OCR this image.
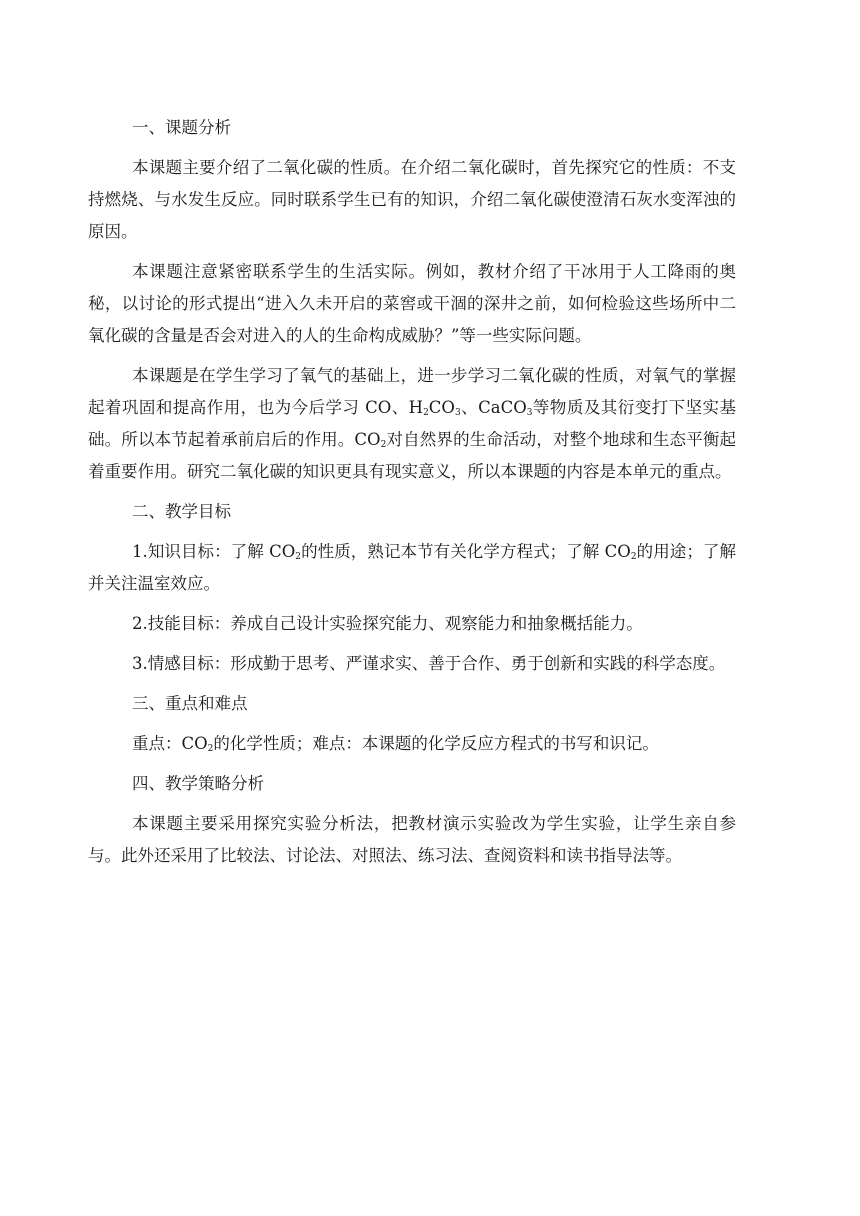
一、课题分析

本课题主要介绍了二氧化碳的性质。在介绍二氧化碳时，首先探究它的性质：不支持燃烧、与水发生反应。同时联系学生已有的知识，介绍二氧化碳使澄清石灰水变浑浊的原因。

本课题注意紧密联系学生的生活实际。例如，教材介绍了干冰用于人工降雨的奥秘，以讨论的形式提出“进入久未开启的菜窖或干涸的深井之前，如何检验这些场所中二氧化碳的含量是否会对进入的人的生命构成威胁？”等一些实际问题。

本课题是在学生学习了氧气的基础上，进一步学习二氧化碳的性质，对氧气的掌握起着巩固和提高作用，也为今后学习 CO、$H_2CO_3$、CaCO$_3$等物质及其衍变打下坚实基础。所以本节起着承前启后的作用。$CO_2$对自然界的生命活动，对整个地球和生态平衡起着重要作用。研究二氧化碳的知识更具有现实意义，所以本课题的内容是本单元的重点。

二、教学目标

1.知识目标：了解 $CO_2$的性质，熟记本节有关化学方程式；了解 $CO_2$的用途；了解并关注温室效应。

2.技能目标：养成自己设计实验探究能力、观察能力和抽象概括能力。

3.情感目标：形成勤于思考、严谨求实、善于合作、勇于创新和实践的科学态度。

三、重点和难点

重点：$CO_2$的化学性质；难点：本课题的化学反应方程式的书写和识记。

四、教学策略分析

本课题主要采用探究实验分析法，把教材演示实验改为学生实验，让学生亲自参与。此外还采用了比较法、讨论法、对照法、练习法、查阅资料和读书指导法等。
